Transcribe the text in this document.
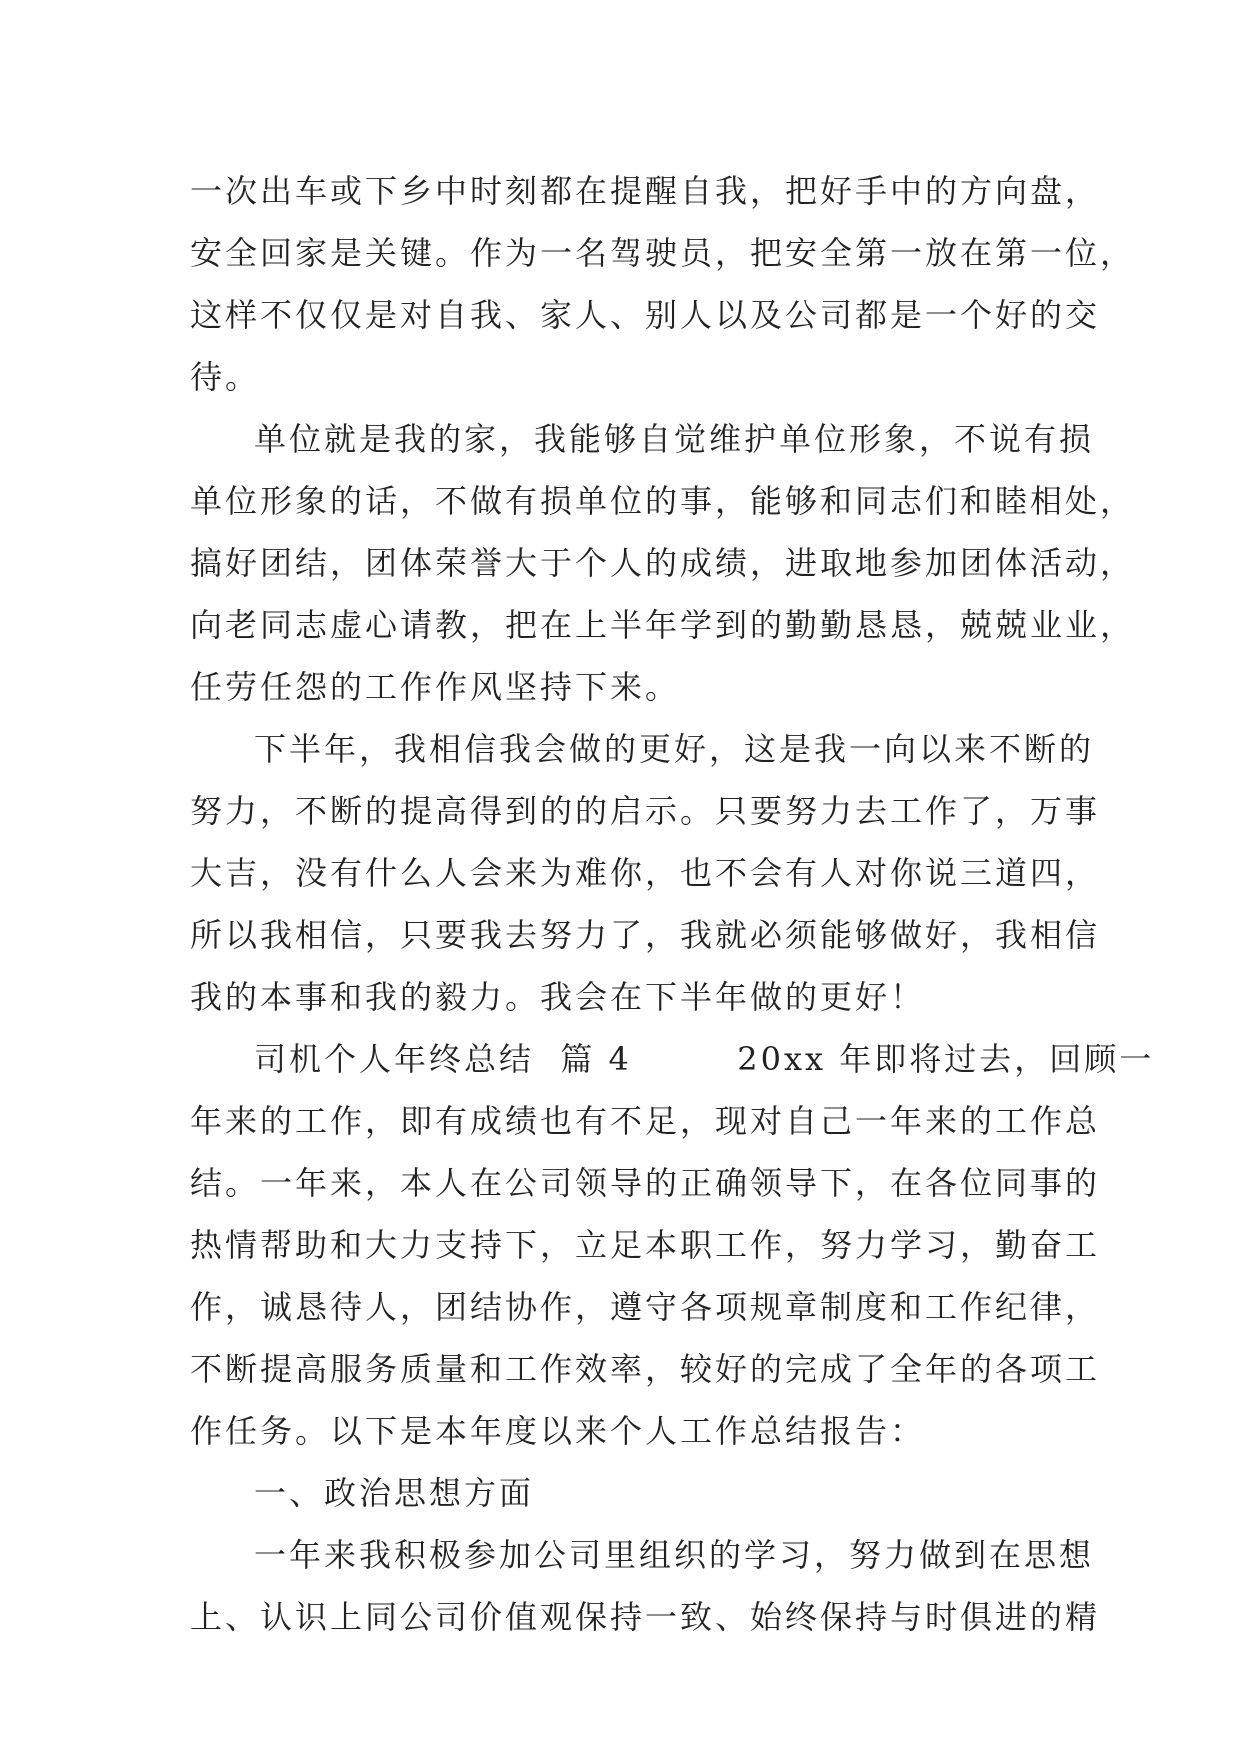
一次出车或下乡中时刻都在提醒自我，把好手中的方向盘，
安全回家是关键。作为一名驾驶员，把安全第一放在第一位，
这样不仅仅是对自我、家人、别人以及公司都是一个好的交
待。
单位就是我的家，我能够自觉维护单位形象，不说有损
单位形象的话，不做有损单位的事，能够和同志们和睦相处，
搞好团结，团体荣誉大于个人的成绩，进取地参加团体活动，
向老同志虚心请教，把在上半年学到的勤勤恳恳，兢兢业业，
任劳任怨的工作作风坚持下来。
下半年，我相信我会做的更好，这是我一向以来不断的
努力，不断的提高得到的的启示。只要努力去工作了，万事
大吉，没有什么人会来为难你，也不会有人对你说三道四，
所以我相信，只要我去努力了，我就必须能够做好，我相信
我的本事和我的毅力。我会在下半年做的更好！
司机个人年终总结  篇 4        20xx 年即将过去，回顾一
年来的工作，即有成绩也有不足，现对自己一年来的工作总
结。一年来，本人在公司领导的正确领导下，在各位同事的
热情帮助和大力支持下，立足本职工作，努力学习，勤奋工
作，诚恳待人，团结协作，遵守各项规章制度和工作纪律，
不断提高服务质量和工作效率，较好的完成了全年的各项工
作任务。以下是本年度以来个人工作总结报告：
一、政治思想方面
一年来我积极参加公司里组织的学习，努力做到在思想
上、认识上同公司价值观保持一致、始终保持与时俱进的精
